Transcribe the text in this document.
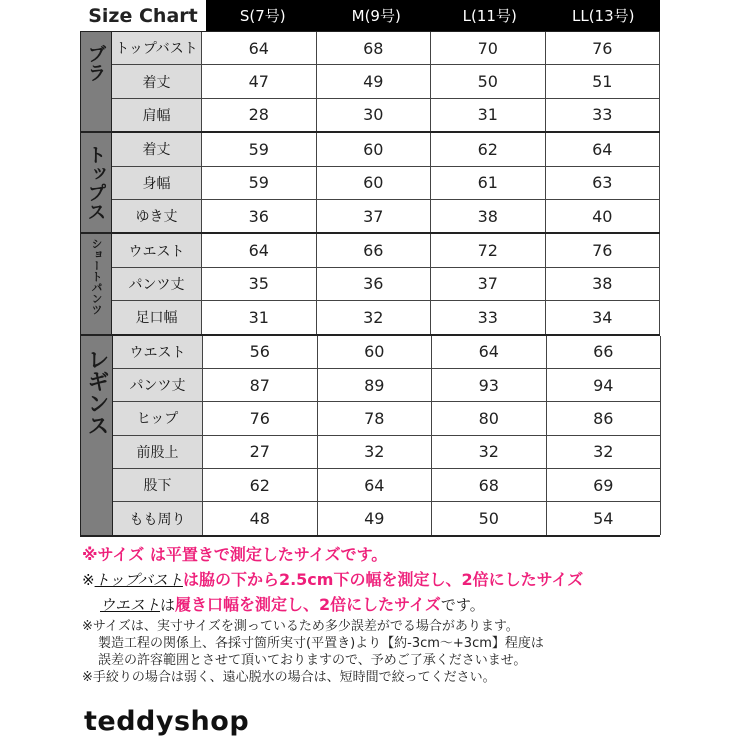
Size Chart	S(7号)	M(9号)	L(11号)	LL(13号)
ブラ トップバスト	64	68	70	76
着丈	47	49	50	51
肩幅	28	30	31	33
トップス	着丈	59	60	62	64
身幅	59	60	61	63
ゆき丈	36	37	38	40
ショートパンツ	ウエスト	64	66	72	76
パンツ丈	35	36	37	38
足口幅	31	32	33	34
レギンス	ウエスト	56	60	64	66
パンツ丈	87	89	93	94
ヒップ	76	78	80	86
前股上	27	32	32	32
股下	62	64	68	69
もも周り	48	49	50	54
※サイズ は平置きで測定したサイズです。
※トップバストは脇の下から2.5cm下の幅を測定し、2倍にしたサイズ
ウエストは履き口幅を測定し、2倍にしたサイズです。
※サイズは、実寸サイズを測っているため多少誤差がでる場合があります。
製造工程の関係上、各採寸箇所実寸(平置き)より【約-3cm～+3cm】程度は
誤差の許容範囲とさせて頂いておりますので、予めご了承くださいませ。
※手絞りの場合は弱く、遠心脱水の場合は、短時間で絞ってください。
teddyshop
